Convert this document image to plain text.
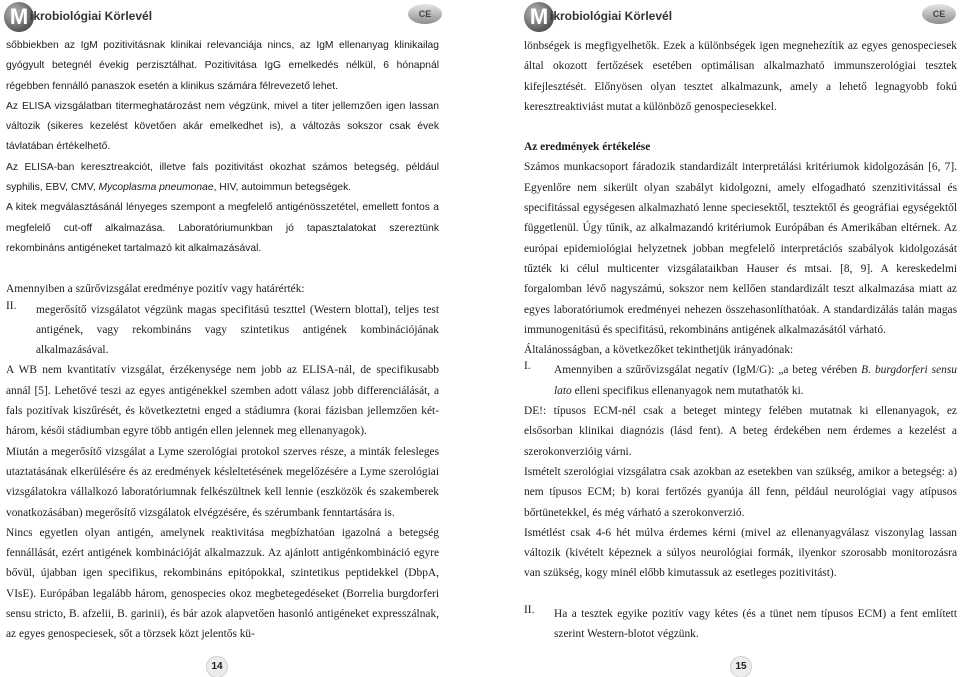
M ikrobiológiai Körlevél	CE

sőbbiekben az IgM pozitivitásnak klinikai relevanciája nincs, az IgM ellenanyag klinikailag gyógyult betegnél évekig perzisztálhat. Pozitivitása IgG emelkedés nélkül, 6 hónapnál régebben fennálló panaszok esetén a klinikus számára félrevezető lehet.

Az ELISA vizsgálatban titermeghatározást nem végzünk, mivel a titer jellemzően igen lassan változik (sikeres kezelést követően akár emelkedhet is), a változás sokszor csak évek távlatában értékelhető.

Az ELISA-ban keresztreakciót, illetve fals pozitivitást okozhat számos betegség, például syphilis, EBV, CMV, Mycoplasma pneumonae, HIV, autoimmun betegségek.

A kitek megválasztásánál lényeges szempont a megfelelő antigénösszetétel, emellett fontos a megfelelő cut-off alkalmazása. Laboratóriumunkban jó tapasztalatokat szereztünk rekombináns antigéneket tartalmazó kit alkalmazásával.

Amennyiben a szűrővizsgálat eredménye pozitív vagy határérték:

II.	megerősítő vizsgálatot végzünk magas specifitású teszttel (Western blottal), teljes test antigének, vagy rekombináns vagy szintetikus antigének kombinációjának alkalmazásával.

A WB nem kvantitatív vizsgálat, érzékenysége nem jobb az ELISA-nál, de specifikusabb annál [5]. Lehetővé teszi az egyes antigénekkel szemben adott válasz jobb differenciálását, a fals pozitívak kiszűrését, és következtetni enged a stádiumra (korai fázisban jellemzően két-három, késői stádiumban egyre több antigén ellen jelennek meg ellenanyagok).

Miután a megerősítő vizsgálat a Lyme szerológiai protokol szerves része, a minták felesleges utaztatásának elkerülésére és az eredmények késleltetésének megelőzésére a Lyme szerológiai vizsgálatokra vállalkozó laboratóriumnak felkészültnek kell lennie (eszközök és szakemberek vonatkozásában) megerősítő vizsgálatok elvégzésére, és szérumbank fenntartására is.

Nincs egyetlen olyan antigén, amelynek reaktivitása megbízhatóan igazolná a betegség fennállását, ezért antigének kombinációját alkalmazzuk. Az ajánlott antigénkombináció egyre bővül, újabban igen specifikus, rekombináns epitópokkal, szintetikus peptidekkel (DbpA, VIsE). Európában legalább három, genospecies okoz megbetegedéseket (Borrelia burgdorferi sensu stricto, B. afzelii, B. garinii), és bár azok alapvetően hasonló antigéneket expresszálnak, az egyes genospeciesek, sőt a törzsek közt jelentős kü-

14
M ikrobiológiai Körlevél	CE

lönbségek is megfigyelhetők. Ezek a különbségek igen megnehezítik az egyes genospeciesek által okozott fertőzések esetében optimálisan alkalmazható immunszerológiai tesztek kifejlesztését. Előnyösen olyan tesztet alkalmazunk, amely a lehető legnagyobb fokú keresztreaktiviást mutat a különböző genospeciesekkel.

Az eredmények értékelése

Számos munkacsoport fáradozik standardizált interpretálási kritériumok kidolgozásán [6, 7]. Egyenlőre nem sikerült olyan szabályt kidolgozni, amely elfogadható szenzitivitással és specifitással egységesen alkalmazható lenne speciesektől, tesztektől és geográfiai egységektől függetlenül. Úgy tűnik, az alkalmazandó kritériumok Európában és Amerikában eltérnek. Az európai epidemiológiai helyzetnek jobban megfelelő interpretációs szabályok kidolgozását tűzték ki célul multicenter vizsgálataikban Hauser és mtsai. [8, 9]. A kereskedelmi forgalomban lévő nagyszámú, sokszor nem kellően standardizált teszt alkalmazása miatt az egyes laboratóriumok eredményei nehezen összehasonlíthatóak. A standardizálás talán magas immunogenitású és specifitású, rekombináns antigének alkalmazásától várható.

Általánosságban, a következőket tekinthetjük irányadónak:

I.	Amennyiben a szűrővizsgálat negatív (IgM/G): „a beteg vérében B. burgdorferi sensu lato elleni specifikus ellenanyagok nem mutathatók ki.

DE!: típusos ECM-nél csak a beteget mintegy felében mutatnak ki ellenanyagok, ez elsősorban klinikai diagnózis (lásd fent). A beteg érdekében nem érdemes a kezelést a szerokonverzióig várni.

Ismételt szerológiai vizsgálatra csak azokban az esetekben van szükség, amikor a betegség: a) nem típusos ECM; b) korai fertőzés gyanúja áll fenn, például neurológiai vagy atípusos bőrtünetekkel, és még várható a szerokonverzió.

Ismétlést csak 4-6 hét múlva érdemes kérni (mivel az ellenanyagválasz viszonylag lassan változik (kivételt képeznek a súlyos neurológiai formák, ilyenkor szorosabb monitorozásra van szükség, kogy minél előbb kimutassuk az esetleges pozitivitást).

II.	Ha a tesztek egyike pozitív vagy kétes (és a tünet nem típusos ECM) a fent említett szerint Western-blotot végzünk.
15
